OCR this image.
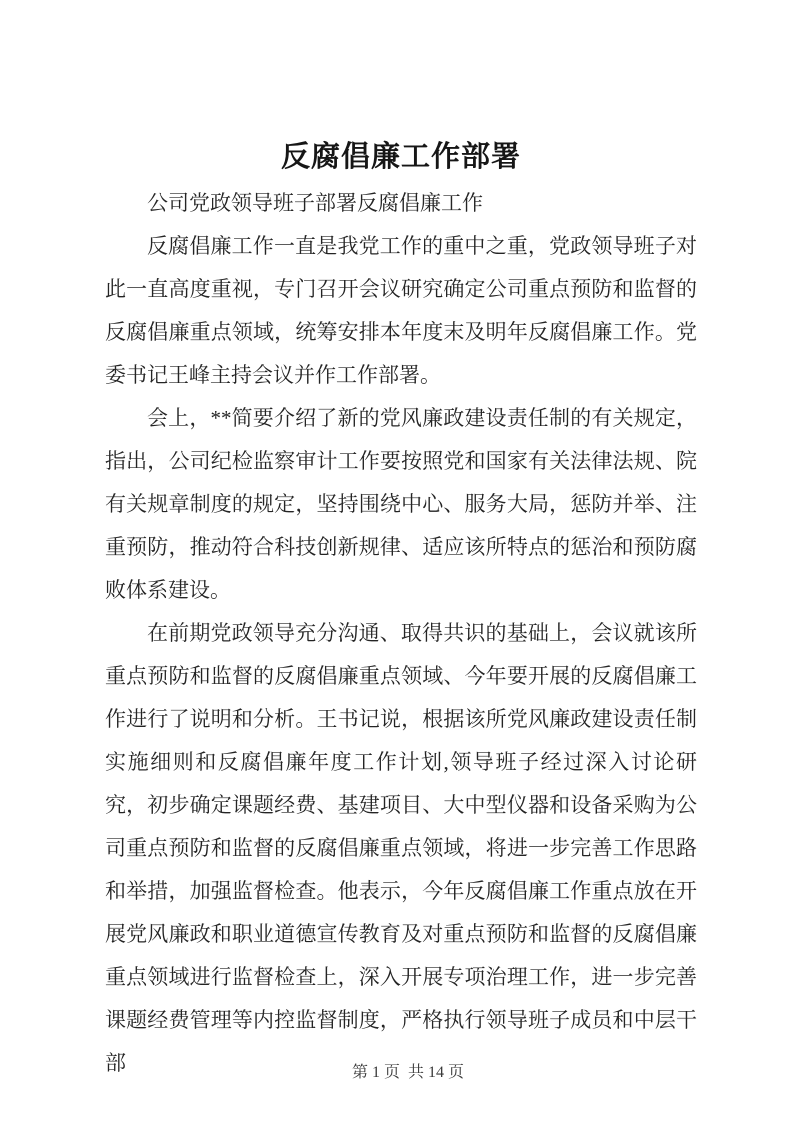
反腐倡廉工作部署

公司党政领导班子部署反腐倡廉工作

反腐倡廉工作一直是我党工作的重中之重，党政领导班子对此一直高度重视，专门召开会议研究确定公司重点预防和监督的反腐倡廉重点领域，统筹安排本年度末及明年反腐倡廉工作。党委书记王峰主持会议并作工作部署。

会上，**简要介绍了新的党风廉政建设责任制的有关规定，指出，公司纪检监察审计工作要按照党和国家有关法律法规、院有关规章制度的规定，坚持围绕中心、服务大局，惩防并举、注重预防，推动符合科技创新规律、适应该所特点的惩治和预防腐败体系建设。

在前期党政领导充分沟通、取得共识的基础上，会议就该所重点预防和监督的反腐倡廉重点领域、今年要开展的反腐倡廉工作进行了说明和分析。王书记说，根据该所党风廉政建设责任制实施细则和反腐倡廉年度工作计划,领导班子经过深入讨论研究，初步确定课题经费、基建项目、大中型仪器和设备采购为公司重点预防和监督的反腐倡廉重点领域，将进一步完善工作思路和举措，加强监督检查。他表示，今年反腐倡廉工作重点放在开展党风廉政和职业道德宣传教育及对重点预防和监督的反腐倡廉重点领域进行监督检查上，深入开展专项治理工作，进一步完善课题经费管理等内控监督制度，严格执行领导班子成员和中层干部	第 1 页  共 14 页
